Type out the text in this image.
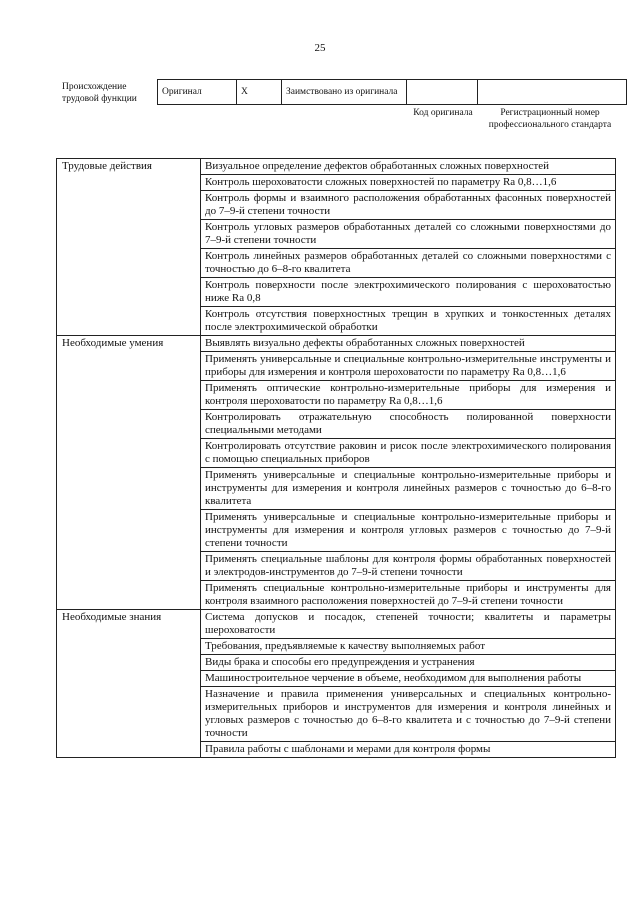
25
Происхождение трудовой функции
Оригинал	X	Заимствовано из оригинала		
Код оригинала	Регистрационный номер профессионального стандарта
Трудовые действия	Визуальное определение дефектов обработанных сложных поверхностей
	Контроль шероховатости сложных поверхностей по параметру Ra 0,8…1,6
	Контроль формы и взаимного расположения обработанных фасонных поверхностей до 7–9-й степени точности
	Контроль угловых размеров обработанных деталей со сложными поверхностями до 7–9-й степени точности
	Контроль линейных размеров обработанных деталей со сложными поверхностями с точностью до 6–8-го квалитета
	Контроль поверхности после электрохимического полирования с шероховатостью ниже Ra 0,8
	Контроль отсутствия поверхностных трещин в хрупких и тонкостенных деталях после электрохимической обработки
Необходимые умения	Выявлять визуально дефекты обработанных сложных поверхностей
	Применять универсальные и специальные контрольно-измерительные инструменты и приборы для измерения и контроля шероховатости по параметру Ra 0,8…1,6
	Применять оптические контрольно-измерительные приборы для измерения и контроля шероховатости по параметру Ra 0,8…1,6
	Контролировать отражательную способность полированной поверхности специальными методами
	Контролировать отсутствие раковин и рисок после электрохимического полирования с помощью специальных приборов
	Применять универсальные и специальные контрольно-измерительные приборы и инструменты для измерения и контроля линейных размеров с точностью до 6–8-го квалитета
	Применять универсальные и специальные контрольно-измерительные приборы и инструменты для измерения и контроля угловых размеров с точностью до 7–9-й степени точности
	Применять специальные шаблоны для контроля формы обработанных поверхностей и электродов-инструментов до 7–9-й степени точности
	Применять специальные контрольно-измерительные приборы и инструменты для контроля взаимного расположения поверхностей до 7–9-й степени точности
Необходимые знания	Система допусков и посадок, степеней точности; квалитеты и параметры шероховатости
	Требования, предъявляемые к качеству выполняемых работ
	Виды брака и способы его предупреждения и устранения
	Машиностроительное черчение в объеме, необходимом для выполнения работы
	Назначение и правила применения универсальных и специальных контрольно-измерительных приборов и инструментов для измерения и контроля линейных и угловых размеров с точностью до 6–8-го квалитета и с точностью до 7–9-й степени точности
	Правила работы с шаблонами и мерами для контроля формы
